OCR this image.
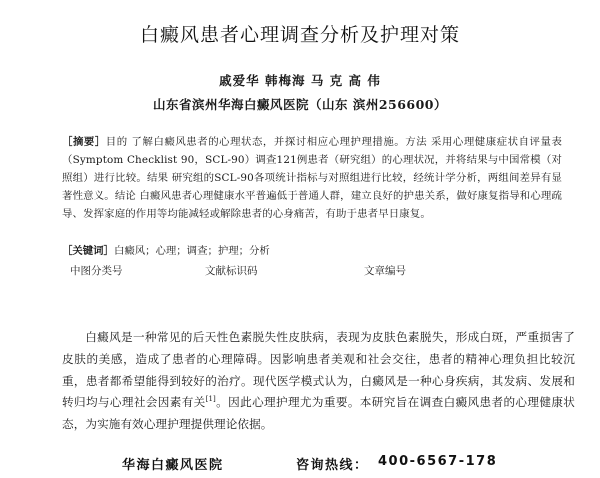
白癜风患者心理调查分析及护理对策
戚爱华 韩梅海 马 克 高 伟
山东省滨州华海白癜风医院（山东 滨州256600）
［摘要］目的 了解白癜风患者的心理状态，并探讨相应心理护理措施。方法 采用心理健康症状自评量表（Symptom Checklist 90，SCL-90）调查121例患者（研究组）的心理状况，并将结果与中国常模（对照组）进行比较。结果 研究组的SCL-90各项统计指标与对照组进行比较，经统计学分析，两组间差异有显著性意义。结论 白癜风患者心理健康水平普遍低于普通人群，建立良好的护患关系，做好康复指导和心理疏导、发挥家庭的作用等均能减轻或解除患者的心身痛苦，有助于患者早日康复。
［关键词］白癜风；心理；调查；护理；分析
中图分类号	文献标识码	文章编号
白癜风是一种常见的后天性色素脱失性皮肤病，表现为皮肤色素脱失，形成白斑，严重损害了皮肤的美感，造成了患者的心理障碍。因影响患者美观和社会交往，患者的精神心理负担比较沉重，患者都希望能得到较好的治疗。现代医学模式认为，白癜风是一种心身疾病，其发病、发展和转归均与心理社会因素有关[1]。因此心理护理尤为重要。本研究旨在调查白癜风患者的心理健康状态，为实施有效心理护理提供理论依据。
华海白癜风医院	咨询热线： 400-6567-178
